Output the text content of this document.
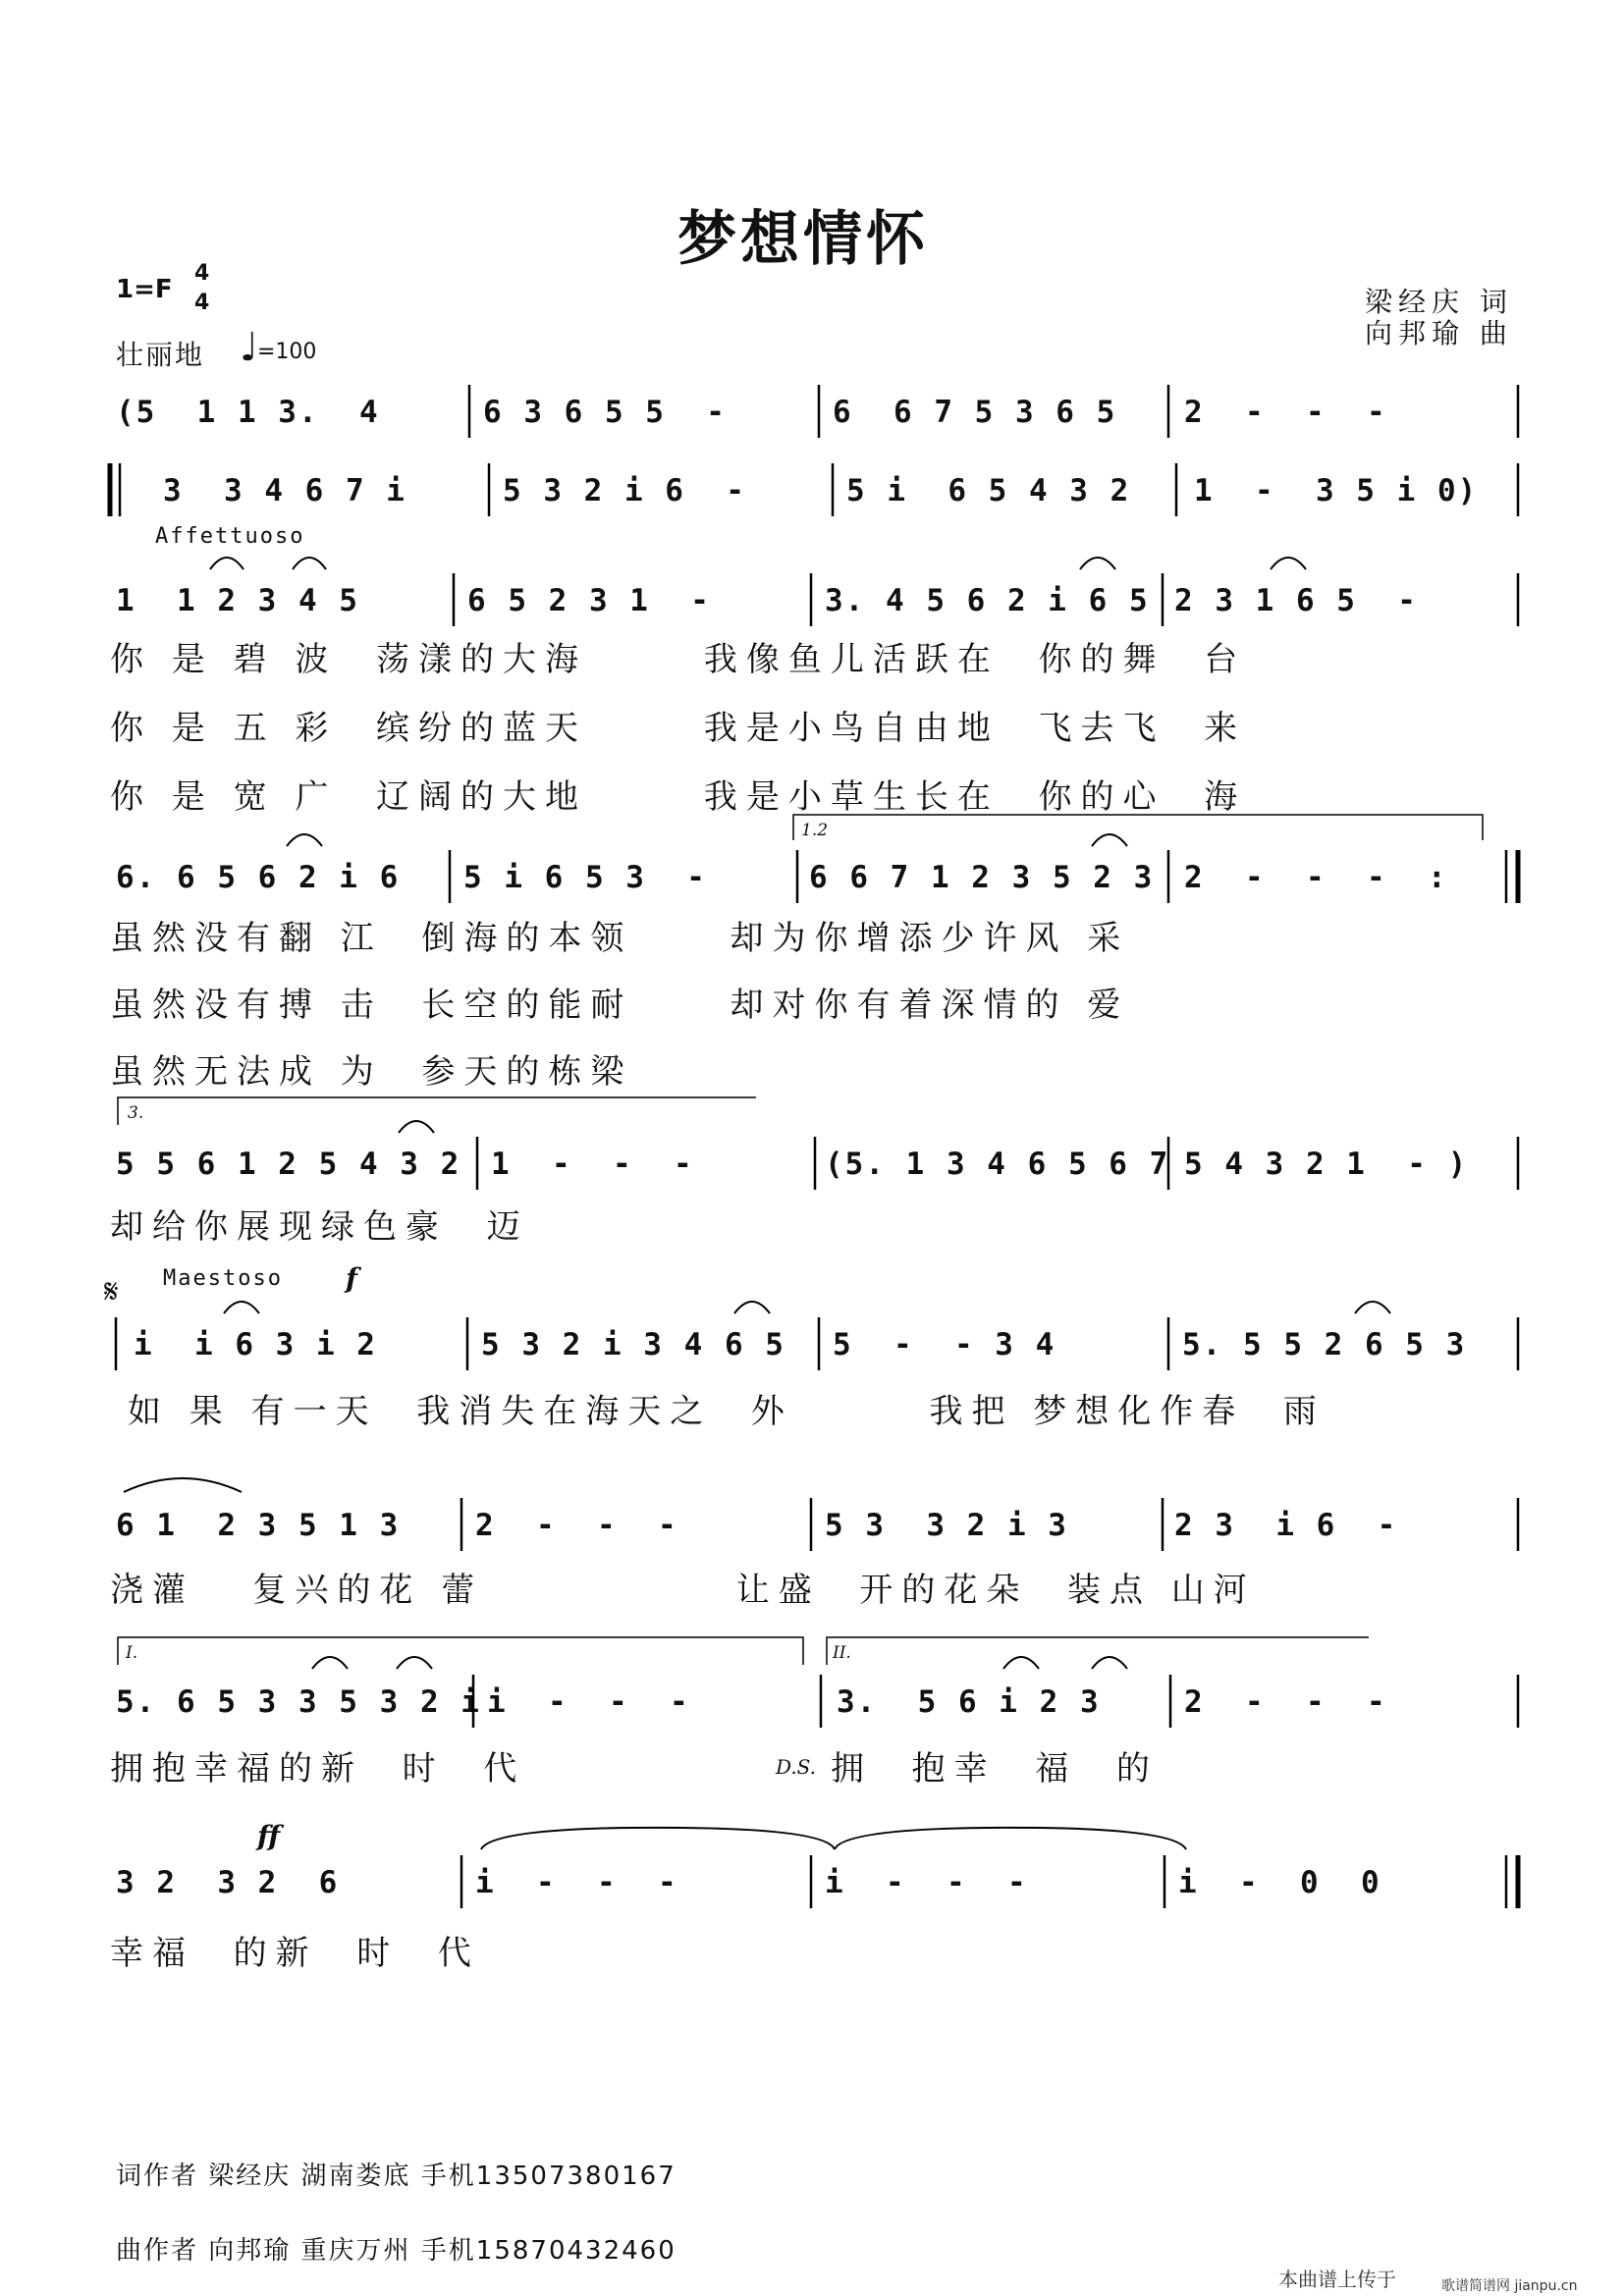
梦想情怀
1=F
4
4
壮丽地 ♩ =100
梁经庆 词
向邦瑜 曲
Affettuoso
Maestoso f
ff
𝄋
1.2
3.
I.	II.
D.S.
(5  1 1 3.  4	6 3 6 5 5  -	6  6 7 5 3 6 5 2  -  -  -
3  3 4 6 7 i	5 3 2 i 6  -	5 i  6 5 4 3 2 1  -  3 5 i 0)
1  1 2 3 4 5	6 5 2 3 1  -	3. 4 5 6 2 i 6 5 2 3 1 6 5  -
你 是 碧 波  荡漾的大海      我像鱼儿活跃在  你的舞  台
你 是 五 彩  缤纷的蓝天      我是小鸟自由地  飞去飞  来
你 是 宽 广  辽阔的大地      我是小草生长在  你的心  海
6. 6 5 6 2 i 6 5 i 6 5 3  -	6 6 7 1 2 3 5 2 3 2  -  -  -  :
虽然没有翻 江  倒海的本领     却为你增添少许风 采
虽然没有搏 击  长空的能耐     却对你有着深情的 爱
虽然无法成 为  参天的栋梁
5 5 6 1 2 5 4 3 2 1  -  -  -	(5. 1 3 4 6 5 6 7 5 4 3 2 1  - )
却给你展现绿色豪  迈
i  i 6 3 i 2	5 3 2 i 3 4 6 5 5  -  - 3 4	5. 5 5 2 6 5 3
如 果 有一天  我消失在海天之  外       我把 梦想化作春  雨
6 1  2 3 5 1 3 2  -  -  -	5 3  3 2 i 3	2 3  i 6  -
浇灌   复兴的花 蕾             让盛  开的花朵  装点 山河
5. 6 5 3 3 5 3 2 i i  -  -  -	3.  5 6 i 2 3	2  -  -  -
拥抱幸福的新  时  代	拥  抱幸  福  的
3 2  3 2  6	i  -  -  -	i  -  -  -	i  -  0  0
幸福  的新  时  代
词作者 梁经庆 湖南娄底 手机13507380167
曲作者 向邦瑜 重庆万州 手机15870432460
本曲谱上传于	歌谱简谱网 jianpu.cn
